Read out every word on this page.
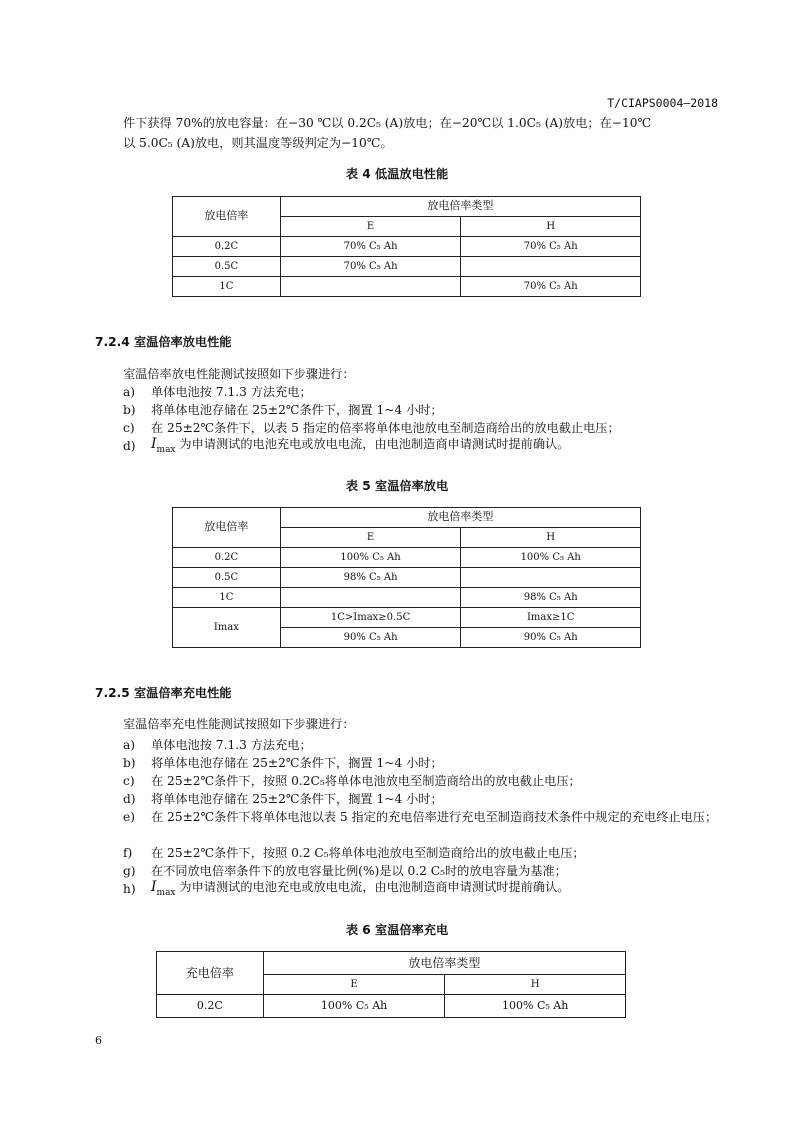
T/CIAPS0004—2018
件下获得 70%的放电容量：在−30 ℃以 0.2C₅ (A)放电；在−20℃以 1.0C₅ (A)放电；在−10℃
以 5.0C₅ (A)放电，则其温度等级判定为−10℃。
表 4 低温放电性能
放电倍率	放电倍率类型	
	E	H
0.2C	70% C₅ Ah	70% C₅ Ah
0.5C	70% C₅ Ah	
1C		70% C₅ Ah
7.2.4 室温倍率放电性能
室温倍率放电性能测试按照如下步骤进行：
a)	单体电池按 7.1.3 方法充电；
b)	将单体电池存储在 25±2℃条件下，搁置 1~4 小时；
c)	在 25±2℃条件下，以表 5 指定的倍率将单体电池放电至制造商给出的放电截止电压；
d)	$I_{max}$ 为申请测试的电池充电或放电电流，由电池制造商申请测试时提前确认。
表 5 室温倍率放电
放电倍率	放电倍率类型	
	E	H
0.2C	100% C₅ Ah	100% C₅ Ah
0.5C	98% C₅ Ah	
1C		98% C₅ Ah
Imax	1C>Imax≥0.5C	Imax≥1C
	90% C₅ Ah	90% C₅ Ah
7.2.5 室温倍率充电性能
室温倍率充电性能测试按照如下步骤进行：
a)	单体电池按 7.1.3 方法充电；
b)	将单体电池存储在 25±2℃条件下，搁置 1~4 小时；
c)	在 25±2℃条件下，按照 0.2C₅将单体电池放电至制造商给出的放电截止电压；
d)	将单体电池存储在 25±2℃条件下，搁置 1~4 小时；
e)	在 25±2℃条件下将单体电池以表 5 指定的充电倍率进行充电至制造商技术条件中规定的充电终止电压；
f)	在 25±2℃条件下，按照 0.2 C₅将单体电池放电至制造商给出的放电截止电压；
g)	在不同放电倍率条件下的放电容量比例(%)是以 0.2 C₅时的放电容量为基准；
h)	$I_{max}$ 为申请测试的电池充电或放电电流，由电池制造商申请测试时提前确认。
表 6 室温倍率充电
充电倍率	放电倍率类型	
	E	H
0.2C	100% C₅ Ah	100% C₅ Ah
6
